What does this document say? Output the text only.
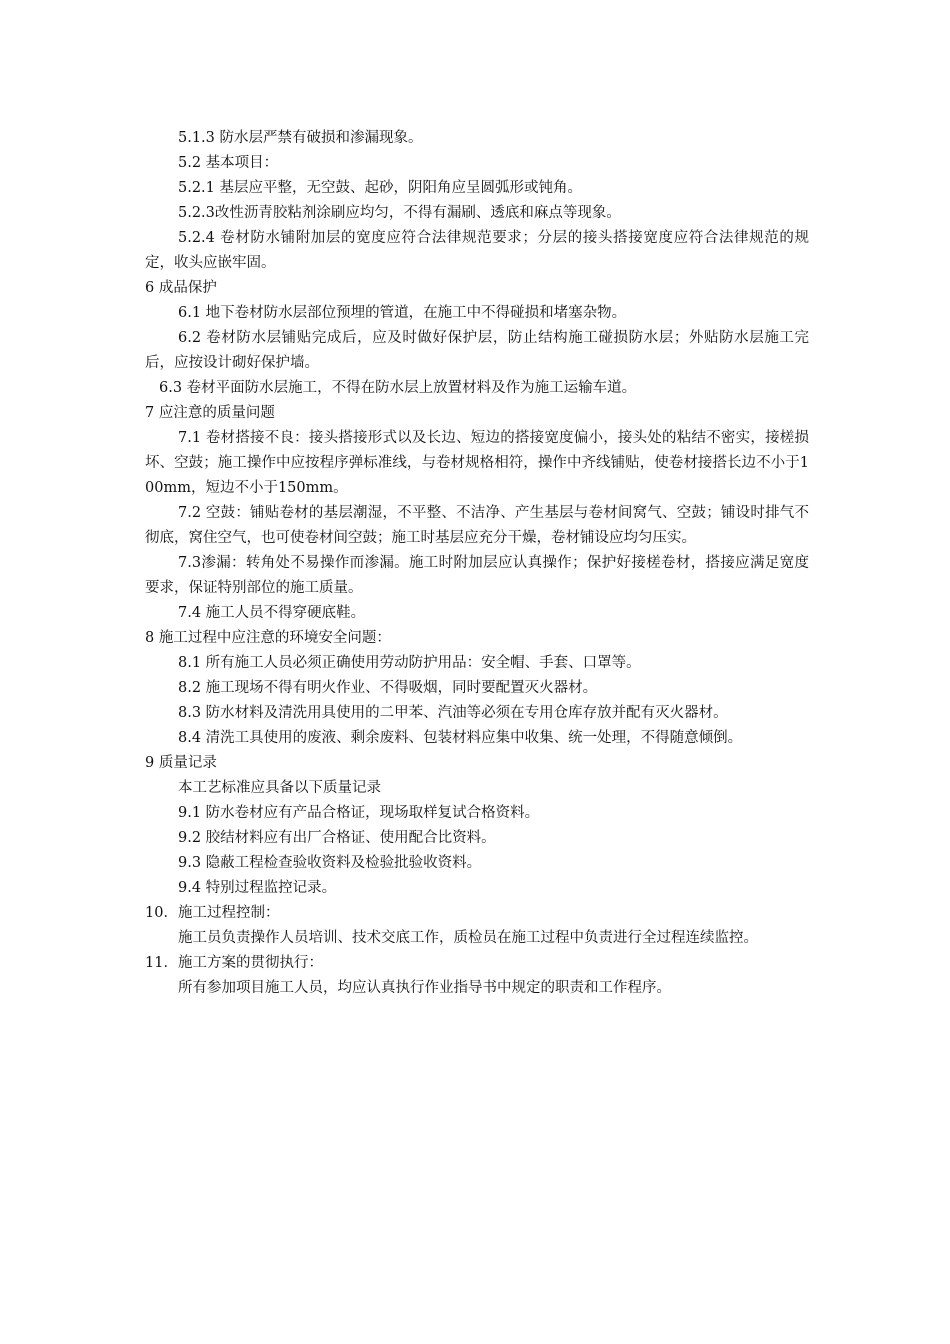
5.1.3 防水层严禁有破损和渗漏现象。

5.2 基本项目：

5.2.1 基层应平整，无空鼓、起砂，阴阳角应呈圆弧形或钝角。

5.2.3改性沥青胶粘剂涂刷应均匀，不得有漏刷、透底和麻点等现象。

5.2.4 卷材防水铺附加层的宽度应符合法律规范要求；分层的接头搭接宽度应符合法律规范的规定，收头应嵌牢固。

6 成品保护

6.1 地下卷材防水层部位预埋的管道，在施工中不得碰损和堵塞杂物。

6.2 卷材防水层铺贴完成后，应及时做好保护层，防止结构施工碰损防水层；外贴防水层施工完后，应按设计砌好保护墙。

6.3 卷材平面防水层施工，不得在防水层上放置材料及作为施工运输车道。

7 应注意的质量问题

7.1 卷材搭接不良：接头搭接形式以及长边、短边的搭接宽度偏小，接头处的粘结不密实，接槎损坏、空鼓；施工操作中应按程序弹标准线，与卷材规格相符，操作中齐线铺贴，使卷材接搭长边不小于100mm，短边不小于150mm。

7.2 空鼓：铺贴卷材的基层潮湿，不平整、不洁净、产生基层与卷材间窝气、空鼓；铺设时排气不彻底，窝住空气，也可使卷材间空鼓；施工时基层应充分干燥，卷材铺设应均匀压实。

7.3渗漏：转角处不易操作而渗漏。施工时附加层应认真操作；保护好接槎卷材，搭接应满足宽度要求，保证特别部位的施工质量。

7.4 施工人员不得穿硬底鞋。

8 施工过程中应注意的环境安全问题：

8.1 所有施工人员必须正确使用劳动防护用品：安全帽、手套、口罩等。

8.2 施工现场不得有明火作业、不得吸烟，同时要配置灭火器材。

8.3 防水材料及清洗用具使用的二甲苯、汽油等必须在专用仓库存放并配有灭火器材。

8.4 清洗工具使用的废液、剩余废料、包装材料应集中收集、统一处理，不得随意倾倒。

9 质量记录

本工艺标准应具备以下质量记录

9.1 防水卷材应有产品合格证，现场取样复试合格资料。

9.2 胶结材料应有出厂合格证、使用配合比资料。

9.3 隐蔽工程检查验收资料及检验批验收资料。

9.4 特别过程监控记录。

10．施工过程控制：

施工员负责操作人员培训、技术交底工作，质检员在施工过程中负责进行全过程连续监控。

11．施工方案的贯彻执行：

所有参加项目施工人员，均应认真执行作业指导书中规定的职责和工作程序。
